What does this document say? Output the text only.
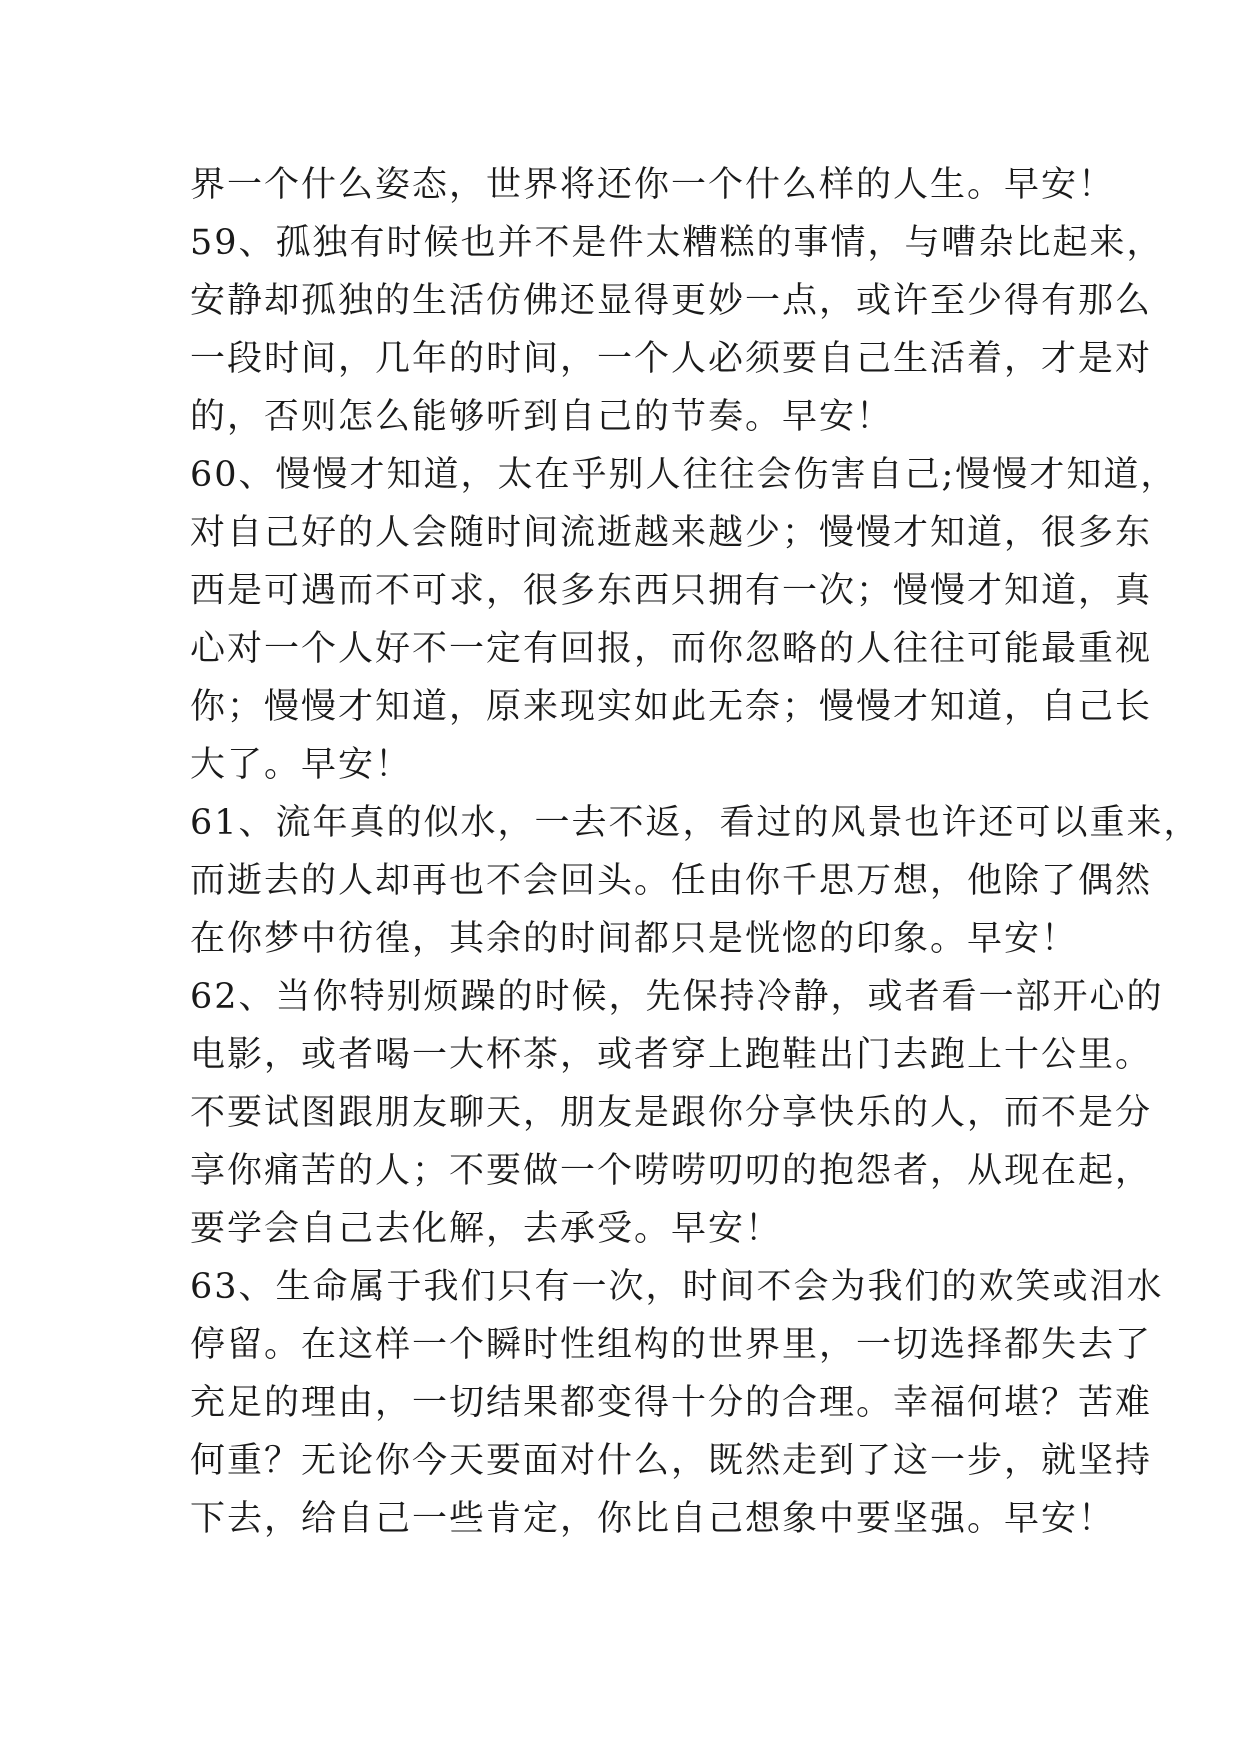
界一个什么姿态，世界将还你一个什么样的人生。早安！
59、孤独有时候也并不是件太糟糕的事情，与嘈杂比起来，
安静却孤独的生活仿佛还显得更妙一点，或许至少得有那么
一段时间，几年的时间，一个人必须要自己生活着，才是对
的，否则怎么能够听到自己的节奏。早安！
60、慢慢才知道，太在乎别人往往会伤害自己;慢慢才知道，
对自己好的人会随时间流逝越来越少；慢慢才知道，很多东
西是可遇而不可求，很多东西只拥有一次；慢慢才知道，真
心对一个人好不一定有回报，而你忽略的人往往可能最重视
你；慢慢才知道，原来现实如此无奈；慢慢才知道，自己长
大了。早安！
61、流年真的似水，一去不返，看过的风景也许还可以重来，
而逝去的人却再也不会回头。任由你千思万想，他除了偶然
在你梦中彷徨，其余的时间都只是恍惚的印象。早安！
62、当你特别烦躁的时候，先保持冷静，或者看一部开心的
电影，或者喝一大杯茶，或者穿上跑鞋出门去跑上十公里。
不要试图跟朋友聊天，朋友是跟你分享快乐的人，而不是分
享你痛苦的人；不要做一个唠唠叨叨的抱怨者，从现在起，
要学会自己去化解，去承受。早安！
63、生命属于我们只有一次，时间不会为我们的欢笑或泪水
停留。在这样一个瞬时性组构的世界里，一切选择都失去了
充足的理由，一切结果都变得十分的合理。幸福何堪？苦难
何重？无论你今天要面对什么，既然走到了这一步，就坚持
下去，给自己一些肯定，你比自己想象中要坚强。早安！
